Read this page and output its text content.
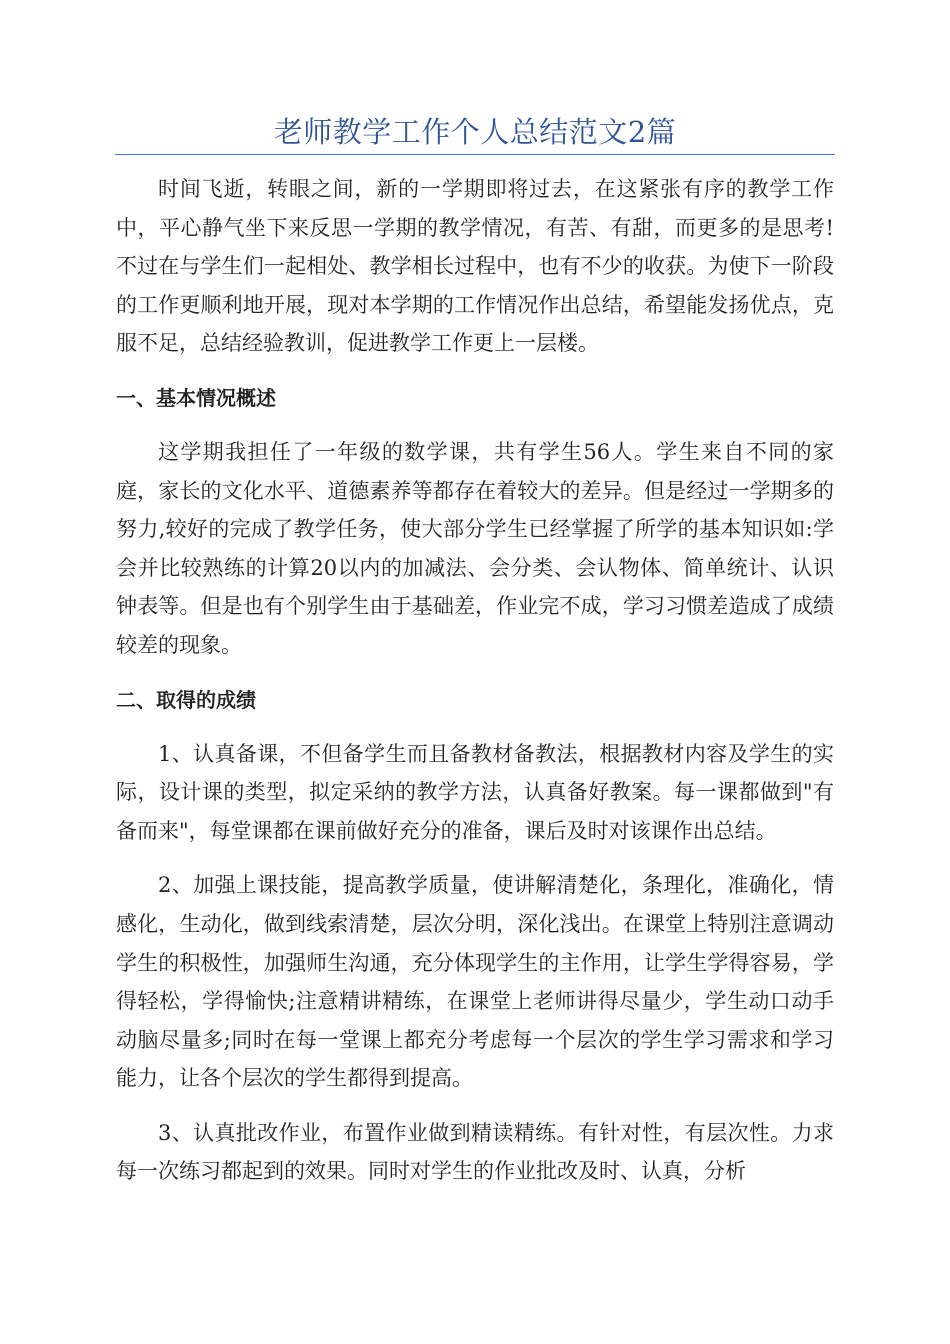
老师教学工作个人总结范文2篇

时间飞逝，转眼之间，新的一学期即将过去，在这紧张有序的教学工作中，平心静气坐下来反思一学期的教学情况，有苦、有甜，而更多的是思考!不过在与学生们一起相处、教学相长过程中，也有不少的收获。为使下一阶段的工作更顺利地开展，现对本学期的工作情况作出总结，希望能发扬优点，克服不足，总结经验教训，促进教学工作更上一层楼。

一、基本情况概述

这学期我担任了一年级的数学课，共有学生56人。学生来自不同的家庭，家长的文化水平、道德素养等都存在着较大的差异。但是经过一学期多的努力,较好的完成了教学任务，使大部分学生已经掌握了所学的基本知识如:学会并比较熟练的计算20以内的加减法、会分类、会认物体、简单统计、认识钟表等。但是也有个别学生由于基础差，作业完不成，学习习惯差造成了成绩较差的现象。

二、取得的成绩

1、认真备课，不但备学生而且备教材备教法，根据教材内容及学生的实际，设计课的类型，拟定采纳的教学方法，认真备好教案。每一课都做到"有备而来"，每堂课都在课前做好充分的准备，课后及时对该课作出总结。

2、加强上课技能，提高教学质量，使讲解清楚化，条理化，准确化，情感化，生动化，做到线索清楚，层次分明，深化浅出。在课堂上特别注意调动学生的积极性，加强师生沟通，充分体现学生的主作用，让学生学得容易，学得轻松，学得愉快;注意精讲精练，在课堂上老师讲得尽量少，学生动口动手动脑尽量多;同时在每一堂课上都充分考虑每一个层次的学生学习需求和学习能力，让各个层次的学生都得到提高。

3、认真批改作业，布置作业做到精读精练。有针对性，有层次性。力求每一次练习都起到的效果。同时对学生的作业批改及时、认真，分析
